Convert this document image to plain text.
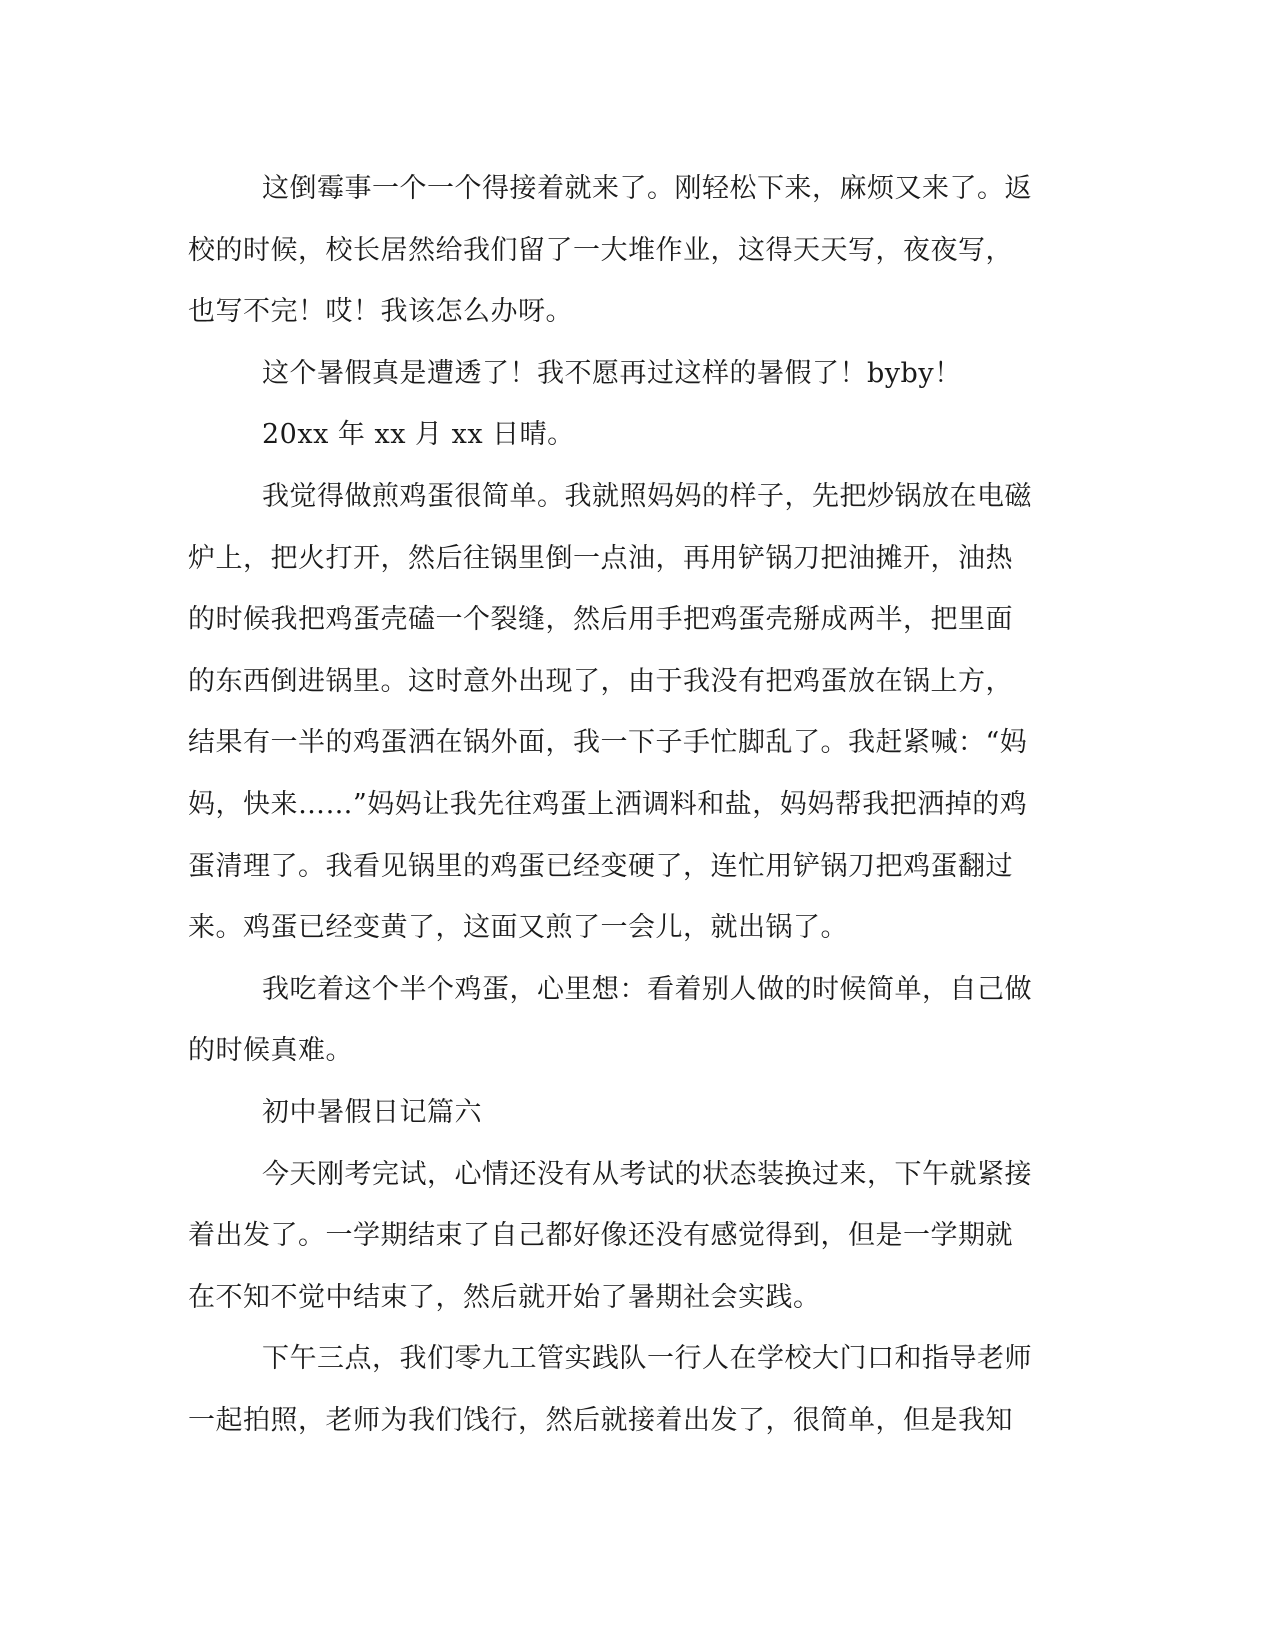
这倒霉事一个一个得接着就来了。刚轻松下来，麻烦又来了。返
校的时候，校长居然给我们留了一大堆作业，这得天天写，夜夜写，
也写不完！哎！我该怎么办呀。
这个暑假真是遭透了！我不愿再过这样的暑假了！byby！
20xx 年 xx 月 xx 日晴。
我觉得做煎鸡蛋很简单。我就照妈妈的样子，先把炒锅放在电磁
炉上，把火打开，然后往锅里倒一点油，再用铲锅刀把油摊开，油热
的时候我把鸡蛋壳磕一个裂缝，然后用手把鸡蛋壳掰成两半，把里面
的东西倒进锅里。这时意外出现了，由于我没有把鸡蛋放在锅上方，
结果有一半的鸡蛋洒在锅外面，我一下子手忙脚乱了。我赶紧喊：“妈
妈，快来……”妈妈让我先往鸡蛋上洒调料和盐，妈妈帮我把洒掉的鸡
蛋清理了。我看见锅里的鸡蛋已经变硬了，连忙用铲锅刀把鸡蛋翻过
来。鸡蛋已经变黄了，这面又煎了一会儿，就出锅了。
我吃着这个半个鸡蛋，心里想：看着别人做的时候简单，自己做
的时候真难。
初中暑假日记篇六
今天刚考完试，心情还没有从考试的状态装换过来，下午就紧接
着出发了。一学期结束了自己都好像还没有感觉得到，但是一学期就
在不知不觉中结束了，然后就开始了暑期社会实践。
下午三点，我们零九工管实践队一行人在学校大门口和指导老师
一起拍照，老师为我们饯行，然后就接着出发了，很简单，但是我知
